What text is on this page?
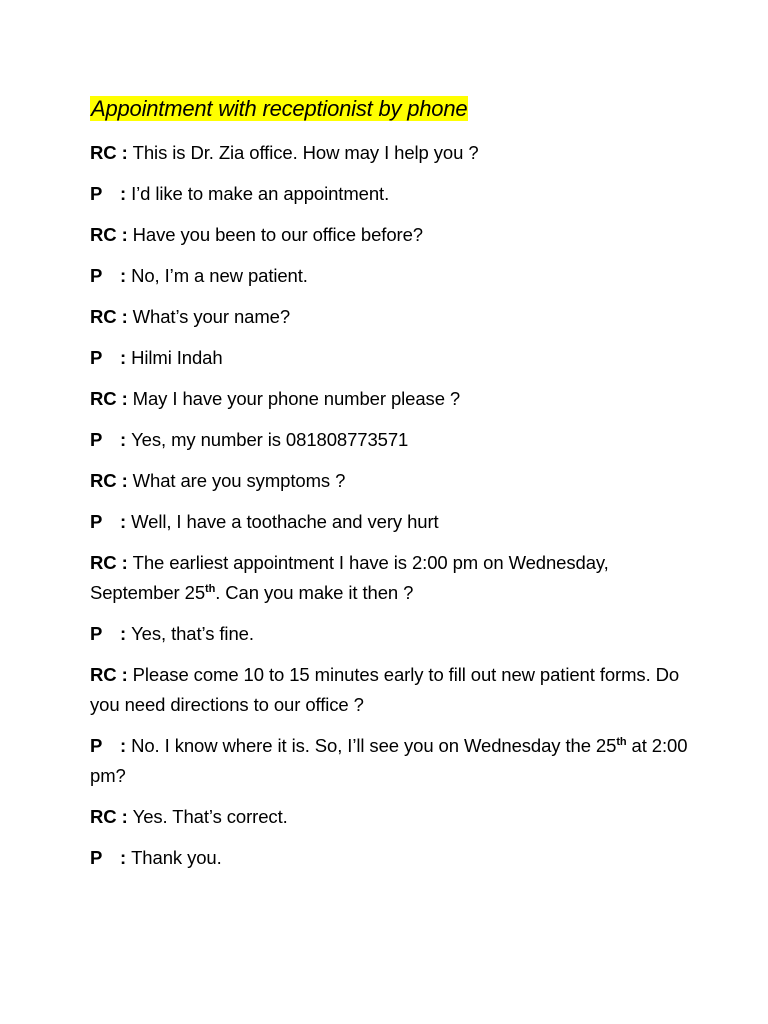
Appointment with receptionist by phone

RC : This is Dr. Zia office. How may I help you ?

P : I’d like to make an appointment.

RC : Have you been to our office before?

P : No, I’m a new patient.

RC : What’s your name?

P : Hilmi Indah

RC : May I have your phone number please ?

P : Yes, my number is 081808773571

RC : What are you symptoms ?

P : Well, I have a toothache and very hurt

RC : The earliest appointment I have is 2:00 pm on Wednesday, September 25th. Can you make it then ?

P : Yes, that’s fine.

RC : Please come 10 to 15 minutes early to fill out new patient forms. Do you need directions to our office ?

P : No. I know where it is. So, I’ll see you on Wednesday the 25th at 2:00 pm?

RC : Yes. That’s correct.

P : Thank you.
